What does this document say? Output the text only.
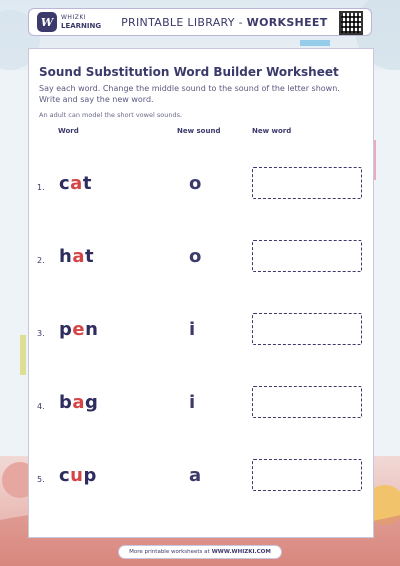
W	WHIZKI
LEARNING PRINTABLE LIBRARY - WORKSHEET
Sound Substitution Word Builder Worksheet
Say each word. Change the middle sound to the sound of the letter shown. Write and say the new word.
An adult can model the short vowel sounds.
Word	New sound	New word
1. cat	o
2. hat	o
3. pen	i
4. bag	i
5. cup	a
More printable worksheets at WWW.WHIZKI.COM
